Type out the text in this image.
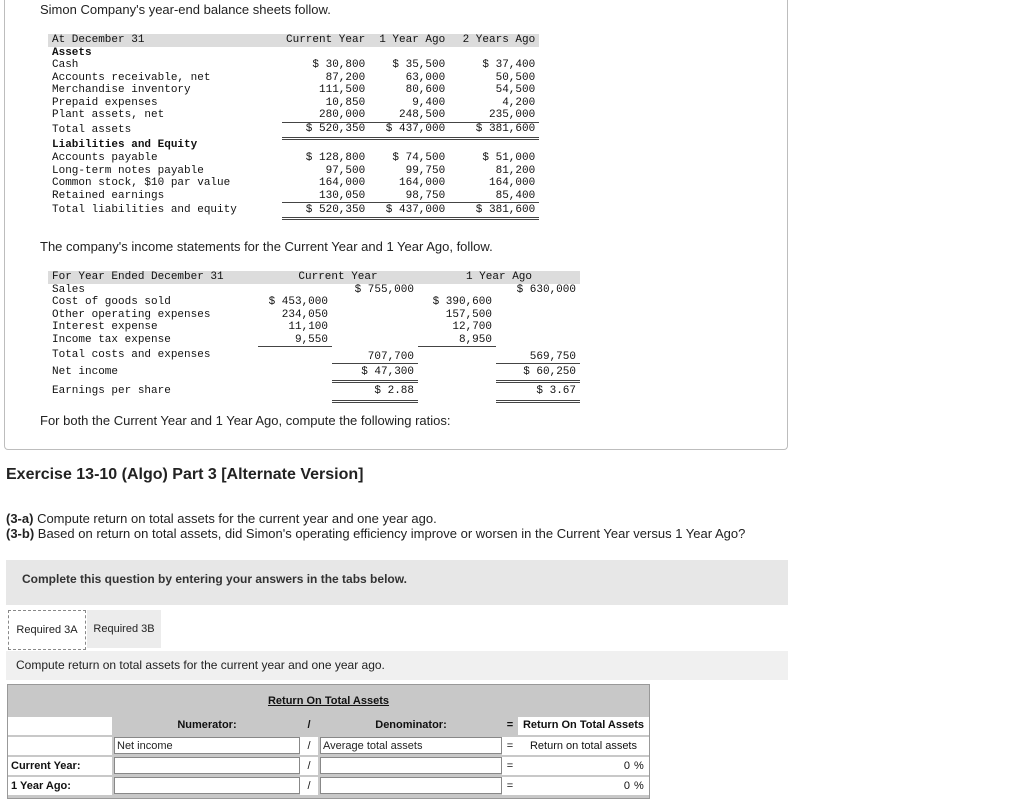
Simon Company's year-end balance sheets follow.
At December 31	Current Year	1 Year Ago	2 Years Ago
Assets			
Cash	$ 30,800	$ 35,500	$ 37,400
Accounts receivable, net	87,200	63,000	50,500
Merchandise inventory	111,500	80,600	54,500
Prepaid expenses	10,850	9,400	4,200
Plant assets, net	280,000	248,500	235,000
Total assets	$ 520,350	$ 437,000	$ 381,600
Liabilities and Equity			
Accounts payable	$ 128,800	$ 74,500	$ 51,000
Long-term notes payable	97,500	99,750	81,200
Common stock, $10 par value	164,000	164,000	164,000
Retained earnings	130,050	98,750	85,400
Total liabilities and equity	$ 520,350	$ 437,000	$ 381,600
The company's income statements for the Current Year and 1 Year Ago, follow.
For Year Ended December 31	Current Year		1 Year Ago	
Sales		$ 755,000		$ 630,000
Cost of goods sold	$ 453,000		$ 390,600	
Other operating expenses	234,050		157,500	
Interest expense	11,100		12,700	
Income tax expense	9,550		8,950	
Total costs and expenses		707,700		569,750
Net income		$ 47,300		$ 60,250
Earnings per share		$ 2.88		$ 3.67
For both the Current Year and 1 Year Ago, compute the following ratios:
Exercise 13-10 (Algo) Part 3 [Alternate Version]
(3-a) Compute return on total assets for the current year and one year ago.
(3-b) Based on return on total assets, did Simon's operating efficiency improve or worsen in the Current Year versus 1 Year Ago?
Complete this question by entering your answers in the tabs below.
Required 3A	Required 3B
Compute return on total assets for the current year and one year ago.
Return On Total Assets
Numerator:	/	Denominator:	= Return On Total Assets
Net income	/	Average total assets	=	Return on total assets
Current Year:	/	=	0 %
1 Year Ago:	/	=	0 %
